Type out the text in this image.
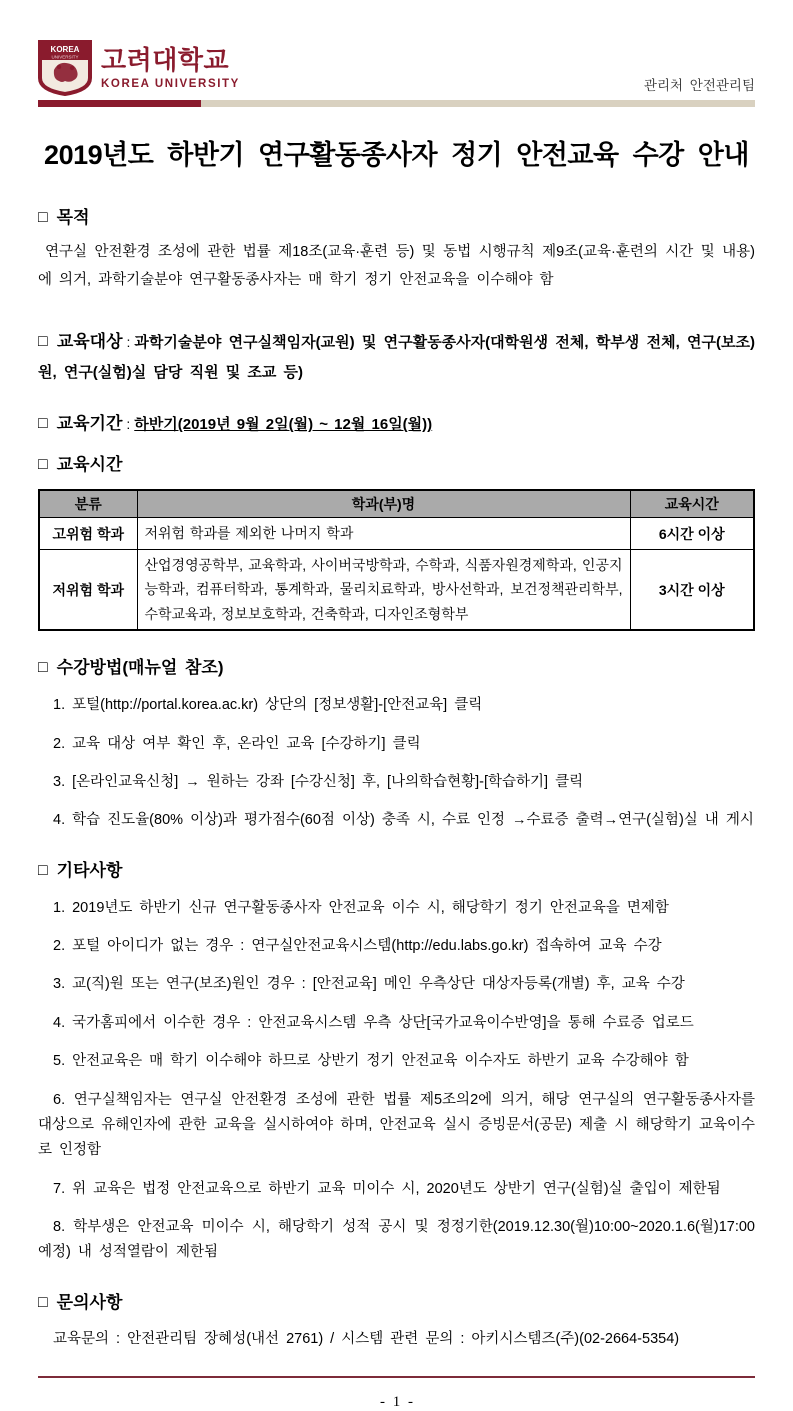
KOREA
UNIVERSITY 고려대학교
KOREA UNIVERSITY	관리처 안전관리팀
2019년도 하반기 연구활동종사자 정기 안전교육 수강 안내
□ 목적

연구실 안전환경 조성에 관한 법률 제18조(교육·훈련 등) 및 동법 시행규칙 제9조(교육·훈련의 시간 및 내용)에 의거, 과학기술분야 연구활동종사자는 매 학기 정기 안전교육을 이수해야 함

□ 교육대상 : 과학기술분야 연구실책임자(교원) 및 연구활동종사자(대학원생 전체, 학부생 전체, 연구(보조)원, 연구(실험)실 담당 직원 및 조교 등)
□ 교육기간 : 하반기(2019년 9월 2일(월) ~ 12월 16일(월))
□ 교육시간
분류	학과(부)명	교육시간
고위험 학과	저위험 학과를 제외한 나머지 학과	6시간 이상
저위험 학과	산업경영공학부, 교육학과, 사이버국방학과, 수학과, 식품자원경제학과, 인공지능학과, 컴퓨터학과, 통계학과, 물리치료학과, 방사선학과, 보건정책관리학부, 수학교육과, 정보보호학과, 건축학과, 디자인조형학부	3시간 이상
□ 수강방법(매뉴얼 참조)

1. 포털(http://portal.korea.ac.kr) 상단의 [정보생활]-[안전교육] 클릭

2. 교육 대상 여부 확인 후, 온라인 교육 [수강하기] 클릭

3. [온라인교육신청] → 원하는 강좌 [수강신청] 후, [나의학습현황]-[학습하기] 클릭

4. 학습 진도율(80% 이상)과 평가점수(60점 이상) 충족 시, 수료 인정 →수료증 출력→연구(실험)실 내 게시

□ 기타사항

1. 2019년도 하반기 신규 연구활동종사자 안전교육 이수 시, 해당학기 정기 안전교육을 면제함

2. 포털 아이디가 없는 경우 : 연구실안전교육시스템(http://edu.labs.go.kr) 접속하여 교육 수강

3. 교(직)원 또는 연구(보조)원인 경우 : [안전교육] 메인 우측상단 대상자등록(개별) 후, 교육 수강

4. 국가홈피에서 이수한 경우 : 안전교육시스템 우측 상단[국가교육이수반영]을 통해 수료증 업로드

5. 안전교육은 매 학기 이수해야 하므로 상반기 정기 안전교육 이수자도 하반기 교육 수강해야 함

6. 연구실책임자는 연구실 안전환경 조성에 관한 법률 제5조의2에 의거, 해당 연구실의 연구활동종사자를 대상으로 유해인자에 관한 교육을 실시하여야 하며, 안전교육 실시 증빙문서(공문) 제출 시 해당학기 교육이수로 인정함

7. 위 교육은 법정 안전교육으로 하반기 교육 미이수 시, 2020년도 상반기 연구(실험)실 출입이 제한됨

8. 학부생은 안전교육 미이수 시, 해당학기 성적 공시 및 정정기한(2019.12.30(월)10:00~2020.1.6(월)17:00 예정) 내 성적열람이 제한됨

□ 문의사항

교육문의 : 안전관리팀 장혜성(내선 2761) / 시스템 관련 문의 : 아키시스템즈(주)(02-2664-5354)

- 1 -
